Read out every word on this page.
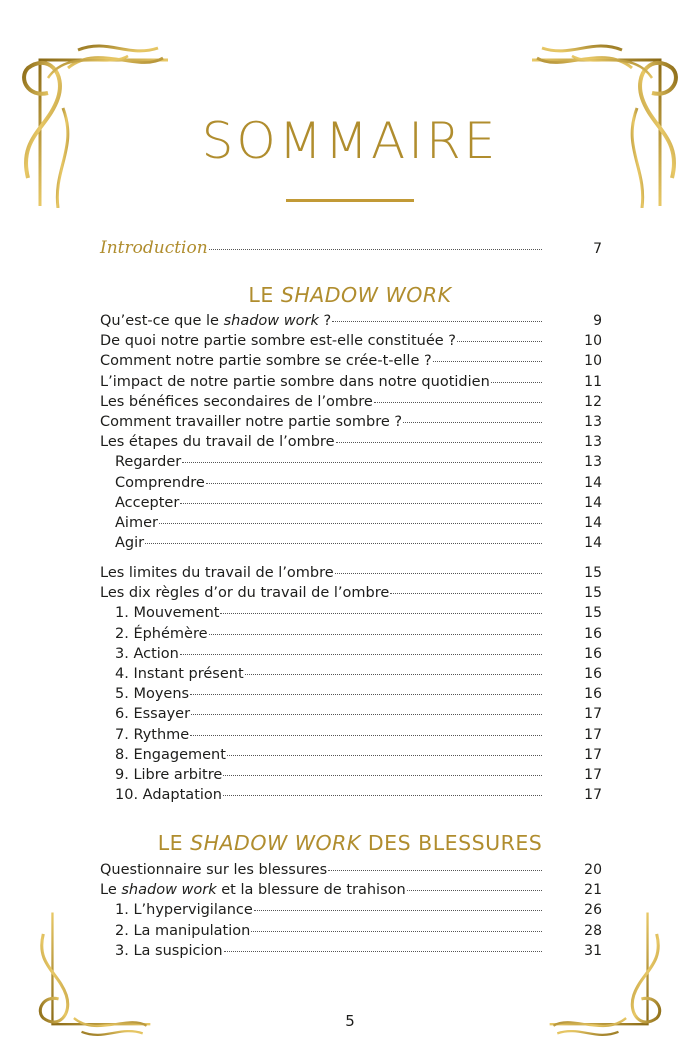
SOMMAIRE
Introduction	7
LE SHADOW WORK
Qu’est-ce que le shadow work ?	9
De quoi notre partie sombre est-elle constituée ?	10
Comment notre partie sombre se crée-t-elle ?	10
L’impact de notre partie sombre dans notre quotidien	11
Les bénéfices secondaires de l’ombre	12
Comment travailler notre partie sombre ?	13
Les étapes du travail de l’ombre	13
Regarder	13
Comprendre	14
Accepter	14
Aimer	14
Agir	14
Les limites du travail de l’ombre	15
Les dix règles d’or du travail de l’ombre	15
1. Mouvement	15
2. Éphémère	16
3. Action	16
4. Instant présent	16
5. Moyens	16
6. Essayer	17
7. Rythme	17
8. Engagement	17
9. Libre arbitre	17
10. Adaptation	17
LE SHADOW WORK DES BLESSURES
Questionnaire sur les blessures	20
Le shadow work et la blessure de trahison	21
1. L’hypervigilance	26
2. La manipulation	28
3. La suspicion	31
5
